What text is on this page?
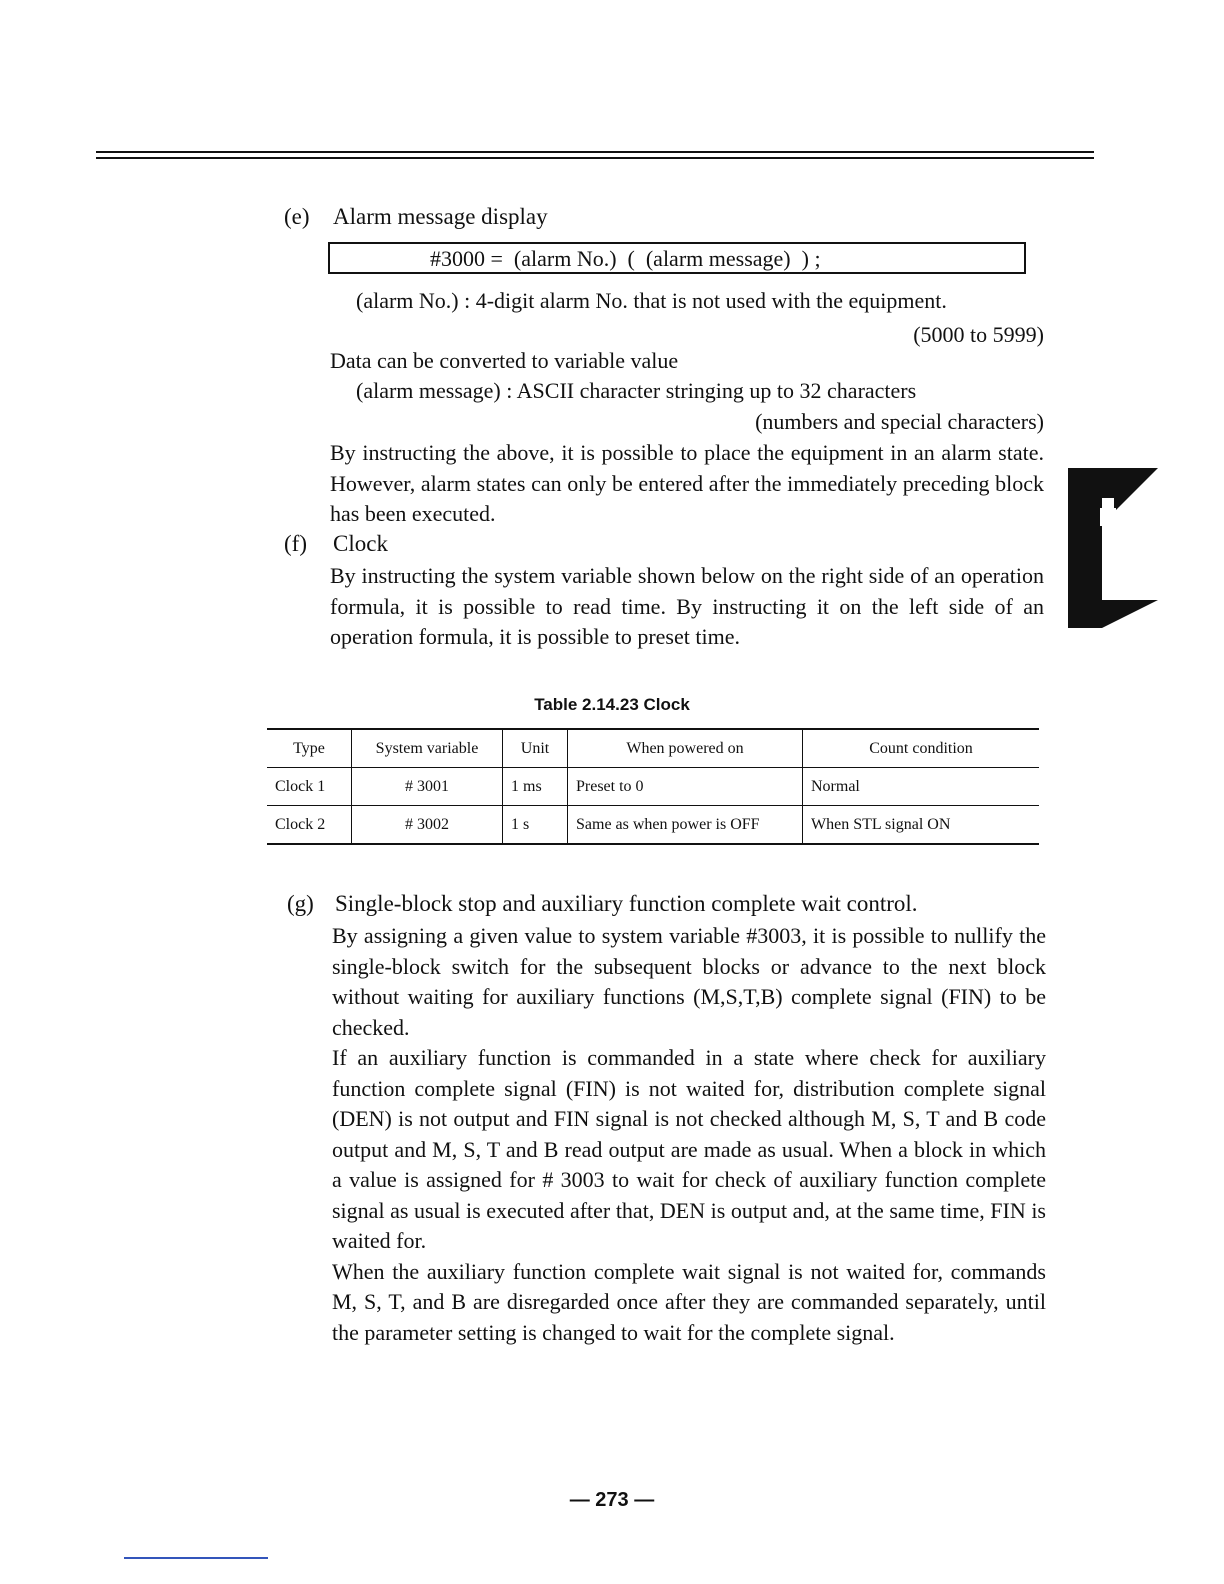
(e) Alarm message display
#3000 =  (alarm No.)  (  (alarm message)  ) ;
(alarm No.) : 4-digit alarm No. that is not used with the equipment.
(5000 to 5999)
Data can be converted to variable value
(alarm message) : ASCII character stringing up to 32 characters
(numbers and special characters)

By instructing the above, it is possible to place the equipment in an alarm state. However, alarm states can only be entered after the immediately preceding block has been executed.

(f) Clock

By instructing the system variable shown below on the right side of an operation formula, it is possible to read time. By instructing it on the left side of an operation formula, it is possible to preset time.

Table 2.14.23 Clock
Type	System variable	Unit	When powered on	Count condition
Clock 1	# 3001	1 ms	Preset to 0	Normal
Clock 2	# 3002	1 s	Same as when power is OFF	When STL signal ON
(g) Single-block stop and auxiliary function complete wait control.

By assigning a given value to system variable #3003, it is possible to nullify the single-block switch for the subsequent blocks or advance to the next block without waiting for auxiliary functions (M,S,T,B) complete signal (FIN) to be checked.

If an auxiliary function is commanded in a state where check for auxiliary function complete signal (FIN) is not waited for, distribution complete signal (DEN) is not output and FIN signal is not checked although M, S, T and B code output and M, S, T and B read output are made as usual. When a block in which a value is assigned for # 3003 to wait for check of auxiliary function complete signal as usual is executed after that, DEN is output and, at the same time, FIN is waited for.

When the auxiliary function complete wait signal is not waited for, commands M, S, T, and B are disregarded once after they are commanded separately, until the parameter setting is changed to wait for the complete signal.

— 273 —
